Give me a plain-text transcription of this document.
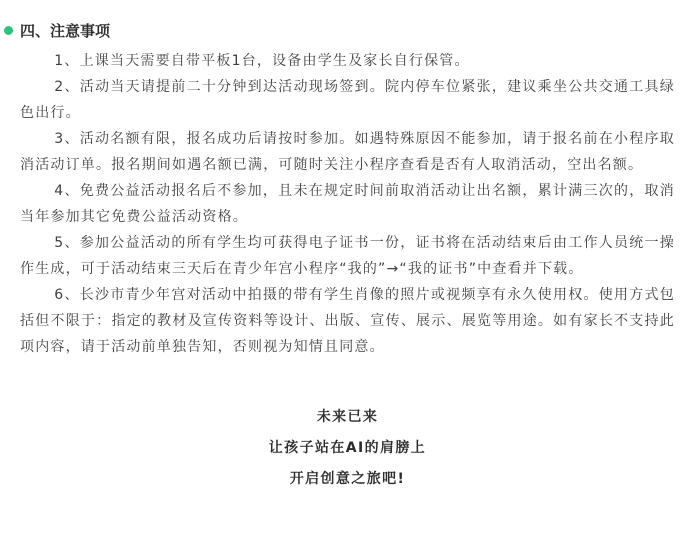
四、注意事项

1、上课当天需要自带平板1台，设备由学生及家长自行保管。

2、活动当天请提前二十分钟到达活动现场签到。院内停车位紧张，建议乘坐公共交通工具绿色出行。

3、活动名额有限，报名成功后请按时参加。如遇特殊原因不能参加，请于报名前在小程序取消活动订单。报名期间如遇名额已满，可随时关注小程序查看是否有人取消活动，空出名额。

4、免费公益活动报名后不参加，且未在规定时间前取消活动让出名额，累计满三次的，取消当年参加其它免费公益活动资格。

5、参加公益活动的所有学生均可获得电子证书一份，证书将在活动结束后由工作人员统一操作生成，可于活动结束三天后在青少年宫小程序“我的”→“我的证书”中查看并下载。

6、长沙市青少年宫对活动中拍摄的带有学生肖像的照片或视频享有永久使用权。使用方式包括但不限于：指定的教材及宣传资料等设计、出版、宣传、展示、展览等用途。如有家长不支持此项内容，请于活动前单独告知，否则视为知情且同意。

未来已来
让孩子站在AI的肩膀上
开启创意之旅吧!
